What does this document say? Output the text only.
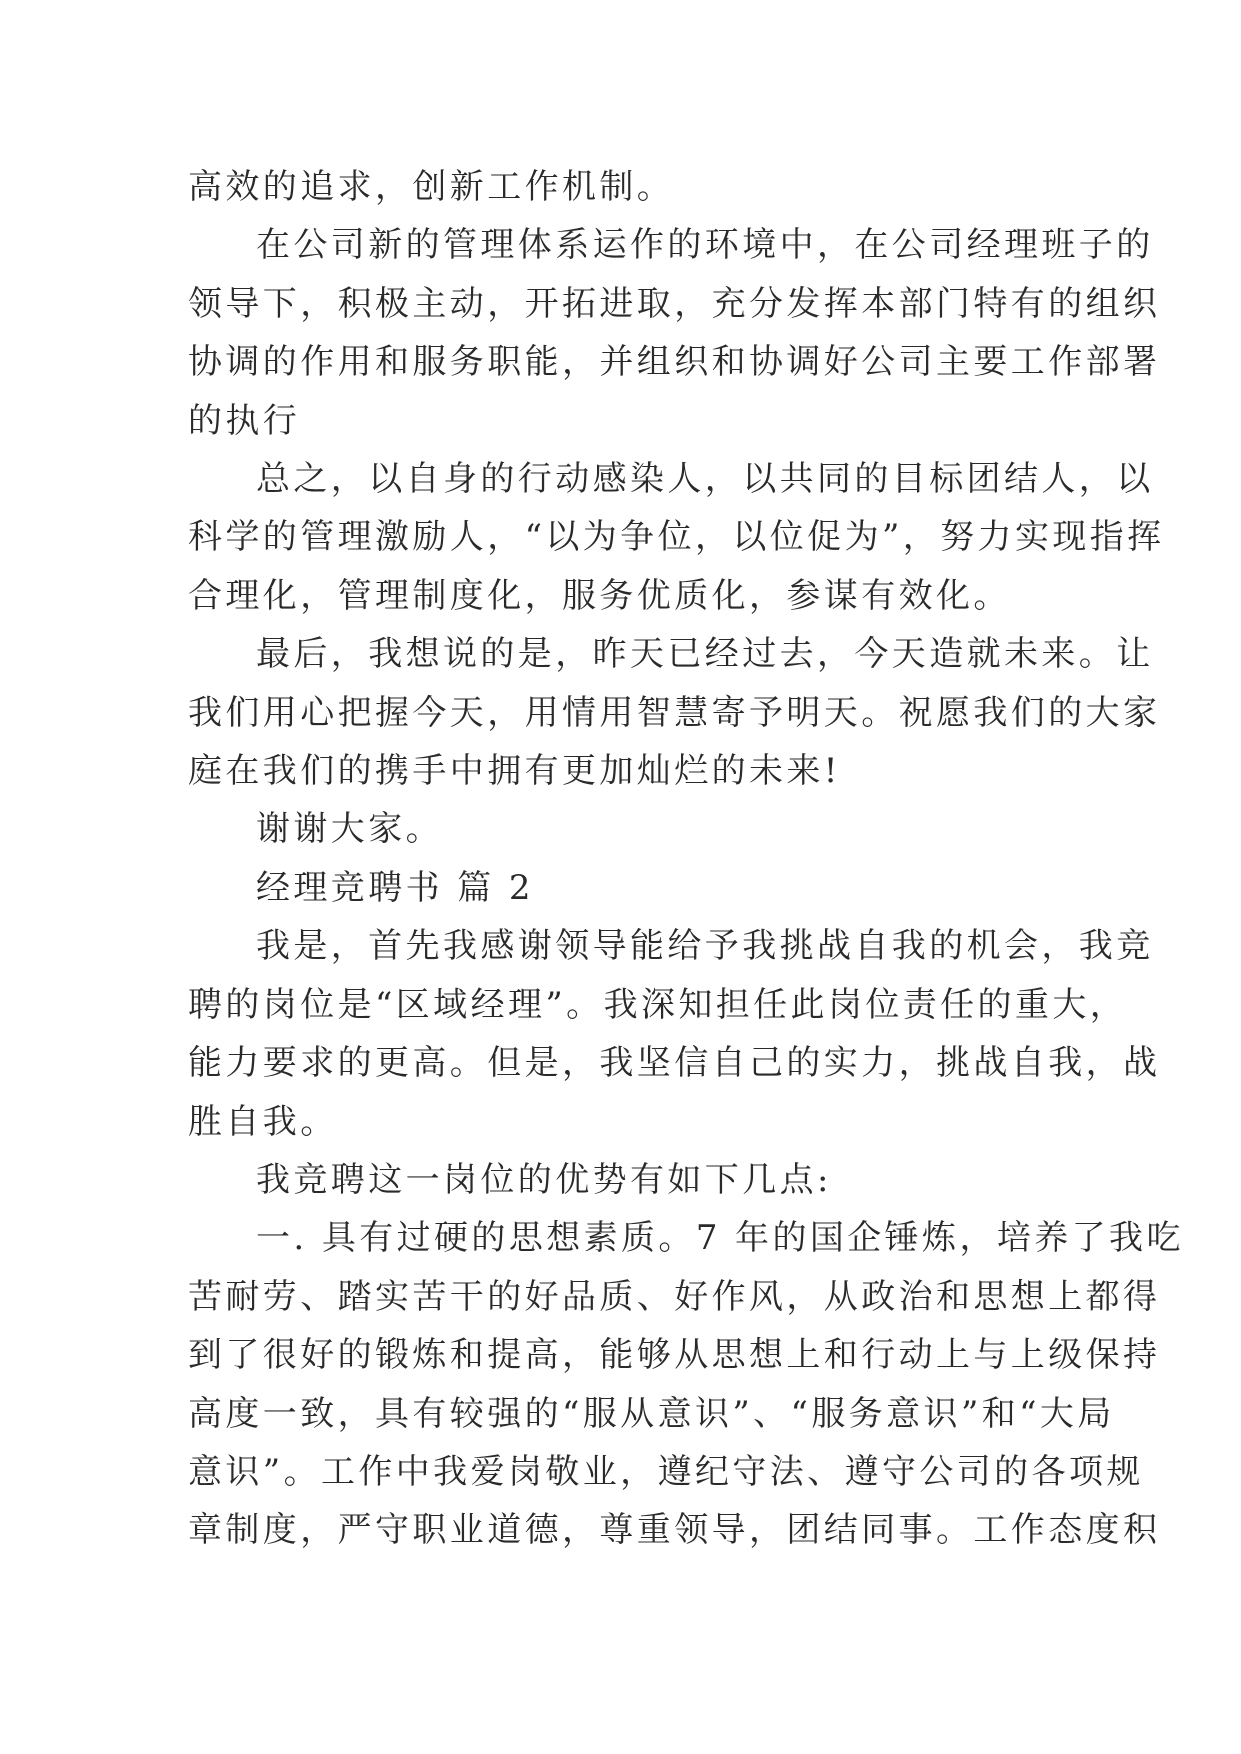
高效的追求，创新工作机制。
在公司新的管理体系运作的环境中，在公司经理班子的
领导下，积极主动，开拓进取，充分发挥本部门特有的组织
协调的作用和服务职能，并组织和协调好公司主要工作部署
的执行
总之，以自身的行动感染人，以共同的目标团结人，以
科学的管理激励人，“以为争位，以位促为”，努力实现指挥
合理化，管理制度化，服务优质化，参谋有效化。
最后，我想说的是，昨天已经过去，今天造就未来。让
我们用心把握今天，用情用智慧寄予明天。祝愿我们的大家
庭在我们的携手中拥有更加灿烂的未来!
谢谢大家。
经理竞聘书 篇 2
我是，首先我感谢领导能给予我挑战自我的机会，我竞
聘的岗位是“区域经理”。我深知担任此岗位责任的重大，
能力要求的更高。但是，我坚信自己的实力，挑战自我，战
胜自我。
我竞聘这一岗位的优势有如下几点:
一. 具有过硬的思想素质。7 年的国企锤炼，培养了我吃
苦耐劳、踏实苦干的好品质、好作风，从政治和思想上都得
到了很好的锻炼和提高，能够从思想上和行动上与上级保持
高度一致，具有较强的“服从意识”、“服务意识”和“大局
意识”。工作中我爱岗敬业，遵纪守法、遵守公司的各项规
章制度，严守职业道德，尊重领导，团结同事。工作态度积
